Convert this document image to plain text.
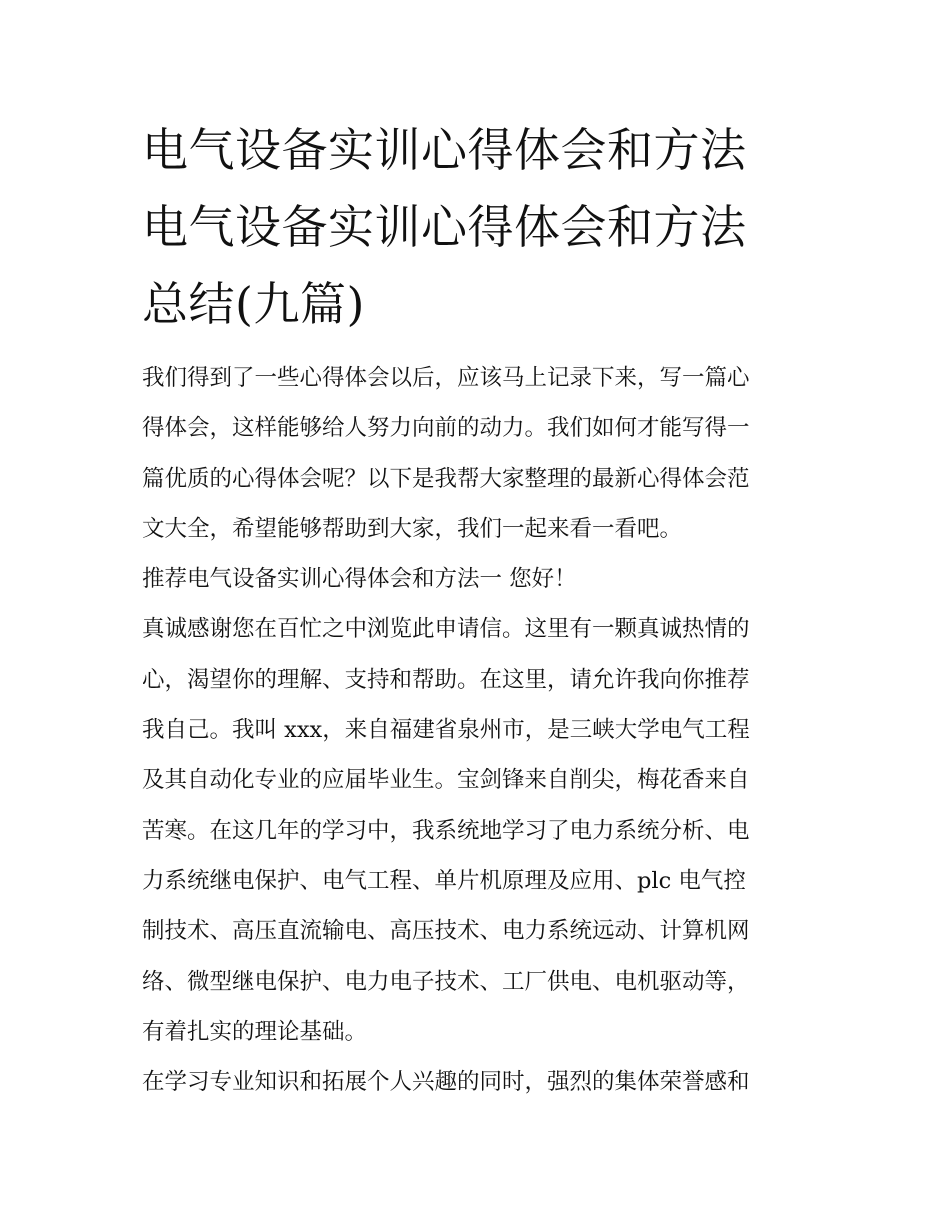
电气设备实训心得体会和方法
电气设备实训心得体会和方法
总结(九篇)
我们得到了一些心得体会以后，应该马上记录下来，写一篇心
得体会，这样能够给人努力向前的动力。我们如何才能写得一
篇优质的心得体会呢？以下是我帮大家整理的最新心得体会范
文大全，希望能够帮助到大家，我们一起来看一看吧。
推荐电气设备实训心得体会和方法一 您好！
真诚感谢您在百忙之中浏览此申请信。这里有一颗真诚热情的
心，渴望你的理解、支持和帮助。在这里，请允许我向你推荐
我自己。我叫 xxx，来自福建省泉州市，是三峡大学电气工程
及其自动化专业的应届毕业生。宝剑锋来自削尖，梅花香来自
苦寒。在这几年的学习中，我系统地学习了电力系统分析、电
力系统继电保护、电气工程、单片机原理及应用、plc 电气控
制技术、高压直流输电、高压技术、电力系统远动、计算机网
络、微型继电保护、电力电子技术、工厂供电、电机驱动等，
有着扎实的理论基础。
在学习专业知识和拓展个人兴趣的同时，强烈的集体荣誉感和
